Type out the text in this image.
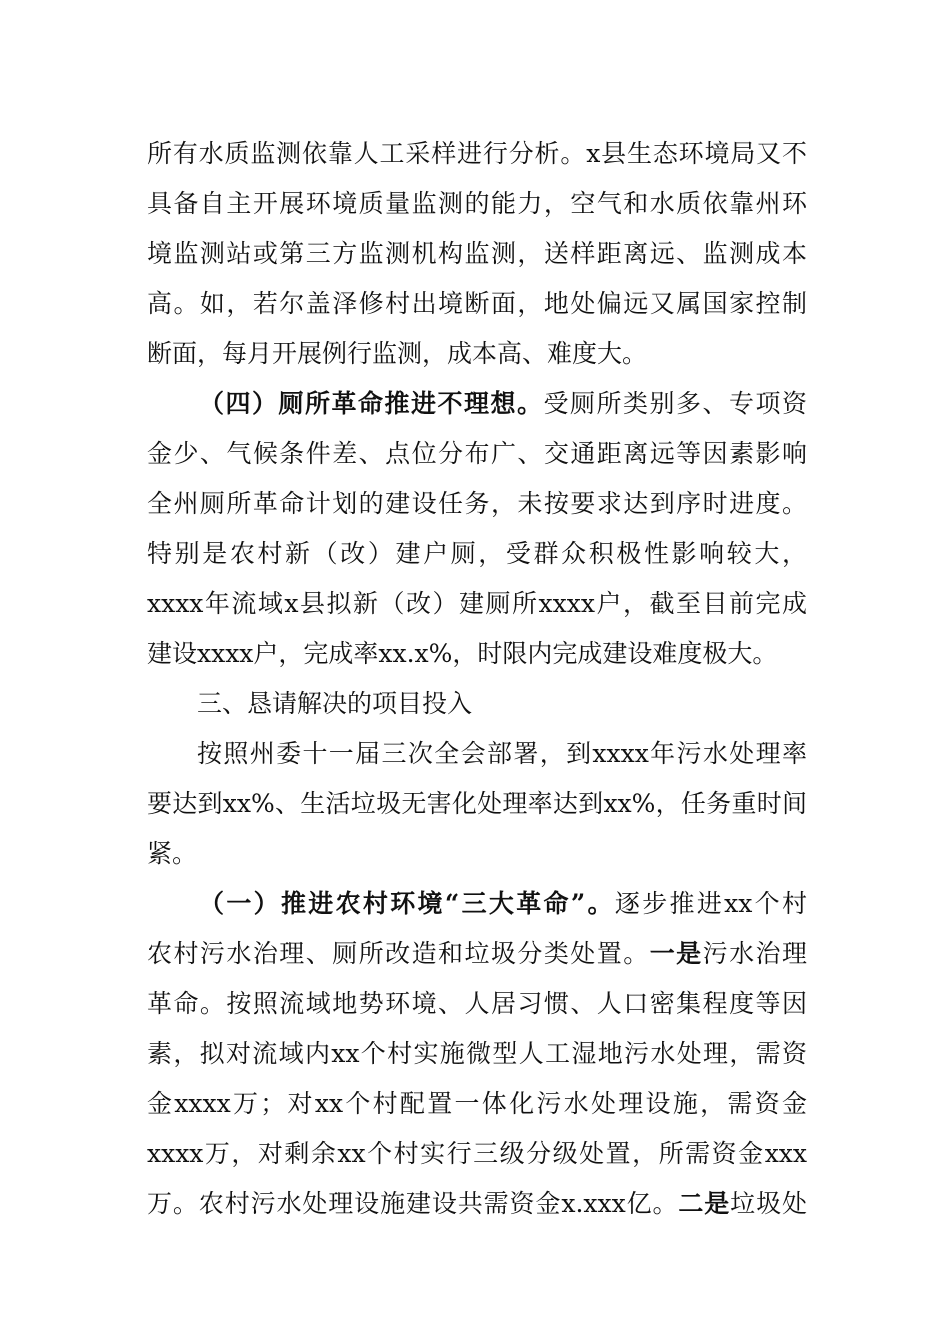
所有水质监测依靠人工采样进行分析。x县生态环境局又不
具备自主开展环境质量监测的能力，空气和水质依靠州环
境监测站或第三方监测机构监测，送样距离远、监测成本
高。如，若尔盖泽修村出境断面，地处偏远又属国家控制
断面，每月开展例行监测，成本高、难度大。
（四）厕所革命推进不理想。受厕所类别多、专项资
金少、气候条件差、点位分布广、交通距离远等因素影响
全州厕所革命计划的建设任务，未按要求达到序时进度。
特别是农村新（改）建户厕，受群众积极性影响较大，
xxxx年流域x县拟新（改）建厕所xxxx户，截至目前完成
建设xxxx户，完成率xx.x%，时限内完成建设难度极大。
三、恳请解决的项目投入
按照州委十一届三次全会部署，到xxxx年污水处理率
要达到xx%、生活垃圾无害化处理率达到xx%，任务重时间
紧。
（一）推进农村环境“三大革命”。逐步推进xx个村
农村污水治理、厕所改造和垃圾分类处置。一是污水治理
革命。按照流域地势环境、人居习惯、人口密集程度等因
素，拟对流域内xx个村实施微型人工湿地污水处理，需资
金xxxx万；对xx个村配置一体化污水处理设施，需资金
xxxx万，对剩余xx个村实行三级分级处置，所需资金xxx
万。农村污水处理设施建设共需资金x.xxx亿。二是垃圾处
